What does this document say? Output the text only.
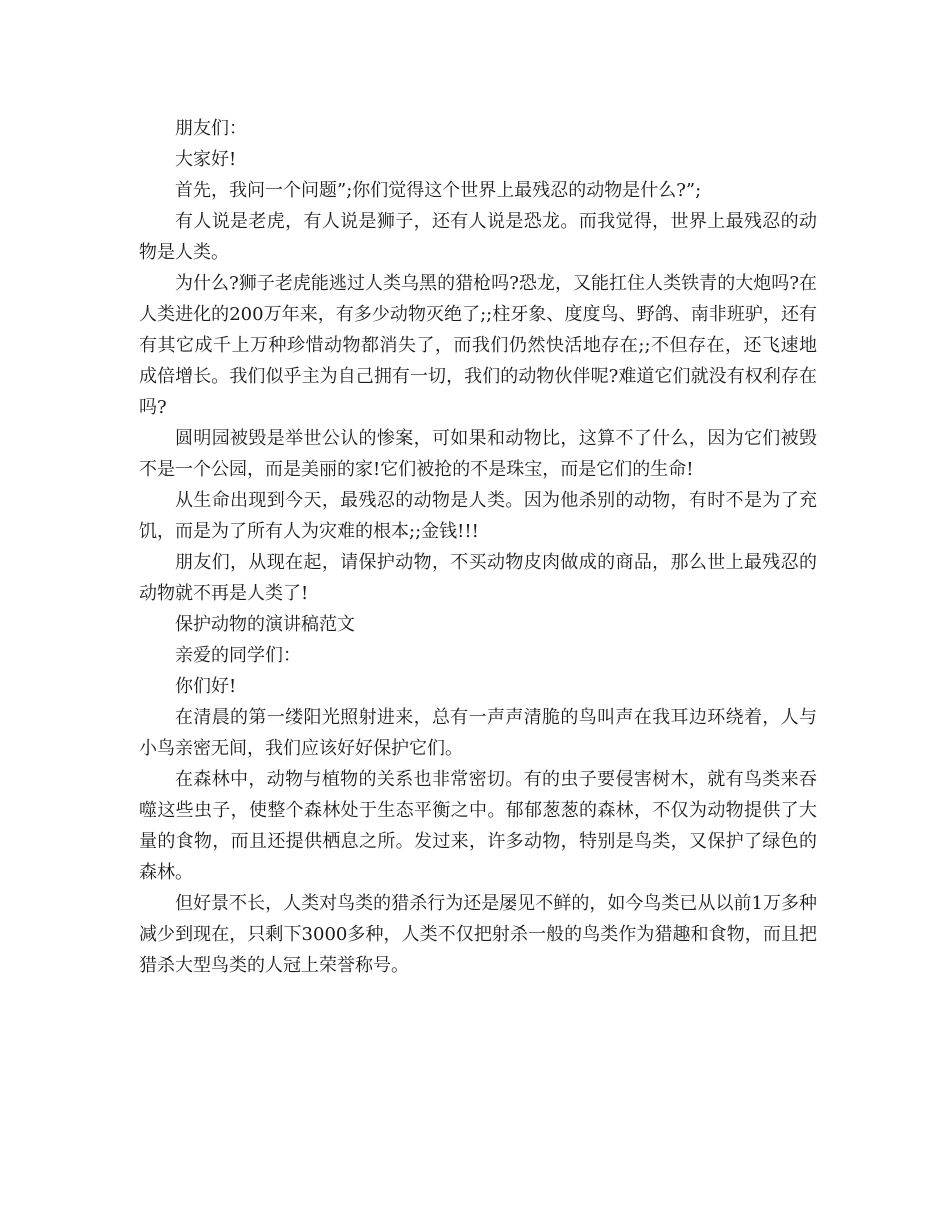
朋友们：

大家好!

首先，我问一个问题”;你们觉得这个世界上最残忍的动物是什么?”;

有人说是老虎，有人说是狮子，还有人说是恐龙。而我觉得，世界上最残忍的动物是人类。

为什么?狮子老虎能逃过人类乌黑的猎枪吗?恐龙，又能扛住人类铁青的大炮吗?在人类进化的200万年来，有多少动物灭绝了;;柱牙象、度度鸟、野鸽、南非班驴，还有有其它成千上万种珍惜动物都消失了，而我们仍然快活地存在;;不但存在，还飞速地成倍增长。我们似乎主为自己拥有一切，我们的动物伙伴呢?难道它们就没有权利存在吗?

圆明园被毁是举世公认的惨案，可如果和动物比，这算不了什么，因为它们被毁不是一个公园，而是美丽的家!它们被抢的不是珠宝，而是它们的生命!

从生命出现到今天，最残忍的动物是人类。因为他杀别的动物，有时不是为了充饥，而是为了所有人为灾难的根本;;金钱!!!

朋友们，从现在起，请保护动物，不买动物皮肉做成的商品，那么世上最残忍的动物就不再是人类了!

保护动物的演讲稿范文

亲爱的同学们：

你们好!

在清晨的第一缕阳光照射进来，总有一声声清脆的鸟叫声在我耳边环绕着，人与小鸟亲密无间，我们应该好好保护它们。

在森林中，动物与植物的关系也非常密切。有的虫子要侵害树木，就有鸟类来吞噬这些虫子，使整个森林处于生态平衡之中。郁郁葱葱的森林，不仅为动物提供了大量的食物，而且还提供栖息之所。发过来，许多动物，特别是鸟类，又保护了绿色的森林。

但好景不长，人类对鸟类的猎杀行为还是屡见不鲜的，如今鸟类已从以前1万多种减少到现在，只剩下3000多种，人类不仅把射杀一般的鸟类作为猎趣和食物，而且把猎杀大型鸟类的人冠上荣誉称号。
